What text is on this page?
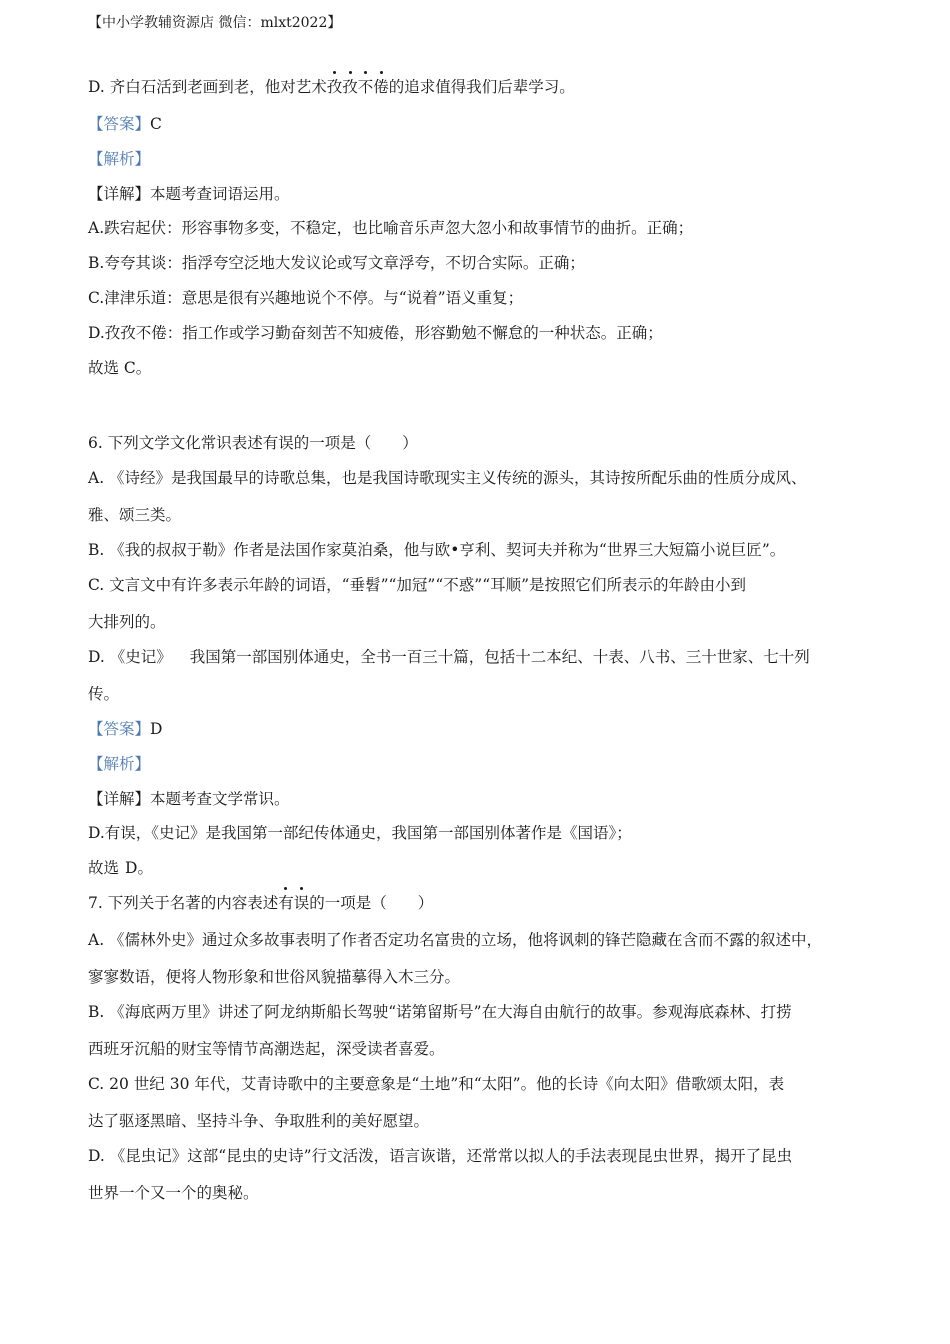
【中小学教辅资源店 微信：mlxt2022】
D. 齐白石活到老画到老，他对艺术孜孜不倦的追求值得我们后辈学习。
【答案】C
【解析】
【详解】本题考查词语运用。
A.跌宕起伏：形容事物多变，不稳定，也比喻音乐声忽大忽小和故事情节的曲折。正确；
B.夸夸其谈：指浮夸空泛地大发议论或写文章浮夸，不切合实际。正确；
C.津津乐道：意思是很有兴趣地说个不停。与“说着”语义重复；
D.孜孜不倦：指工作或学习勤奋刻苦不知疲倦，形容勤勉不懈怠的一种状态。正确；
故选 C。
6. 下列文学文化常识表述有误的一项是（　　）
A. 《诗经》是我国最早的诗歌总集，也是我国诗歌现实主义传统的源头，其诗按所配乐曲的性质分成风、
雅、颂三类。
B. 《我的叔叔于勒》作者是法国作家莫泊桑，他与欧•亨利、契诃夫并称为“世界三大短篇小说巨匠”。
C. 文言文中有许多表示年龄的词语，“垂髫”“加冠”“不惑”“耳顺”是按照它们所表示的年龄由小到
大排列的。
D. 《史记》 我国第一部国别体通史，全书一百三十篇，包括十二本纪、十表、八书、三十世家、七十列
传。
【答案】D
【解析】
【详解】本题考查文学常识。
D.有误，《史记》是我国第一部纪传体通史，我国第一部国别体著作是《国语》；
故选 D。
7. 下列关于名著的内容表述有误的一项是（　　）
A. 《儒林外史》通过众多故事表明了作者否定功名富贵的立场，他将讽刺的锋芒隐藏在含而不露的叙述中，
寥寥数语，便将人物形象和世俗风貌描摹得入木三分。
B. 《海底两万里》讲述了阿龙纳斯船长驾驶“诺第留斯号”在大海自由航行的故事。参观海底森林、打捞
西班牙沉船的财宝等情节高潮迭起，深受读者喜爱。
C. 20 世纪 30 年代，艾青诗歌中的主要意象是“土地”和“太阳”。他的长诗《向太阳》借歌颂太阳，表
达了驱逐黑暗、坚持斗争、争取胜利的美好愿望。
D. 《昆虫记》这部“昆虫的史诗”行文活泼，语言诙谐，还常常以拟人的手法表现昆虫世界，揭开了昆虫
世界一个又一个的奥秘。
